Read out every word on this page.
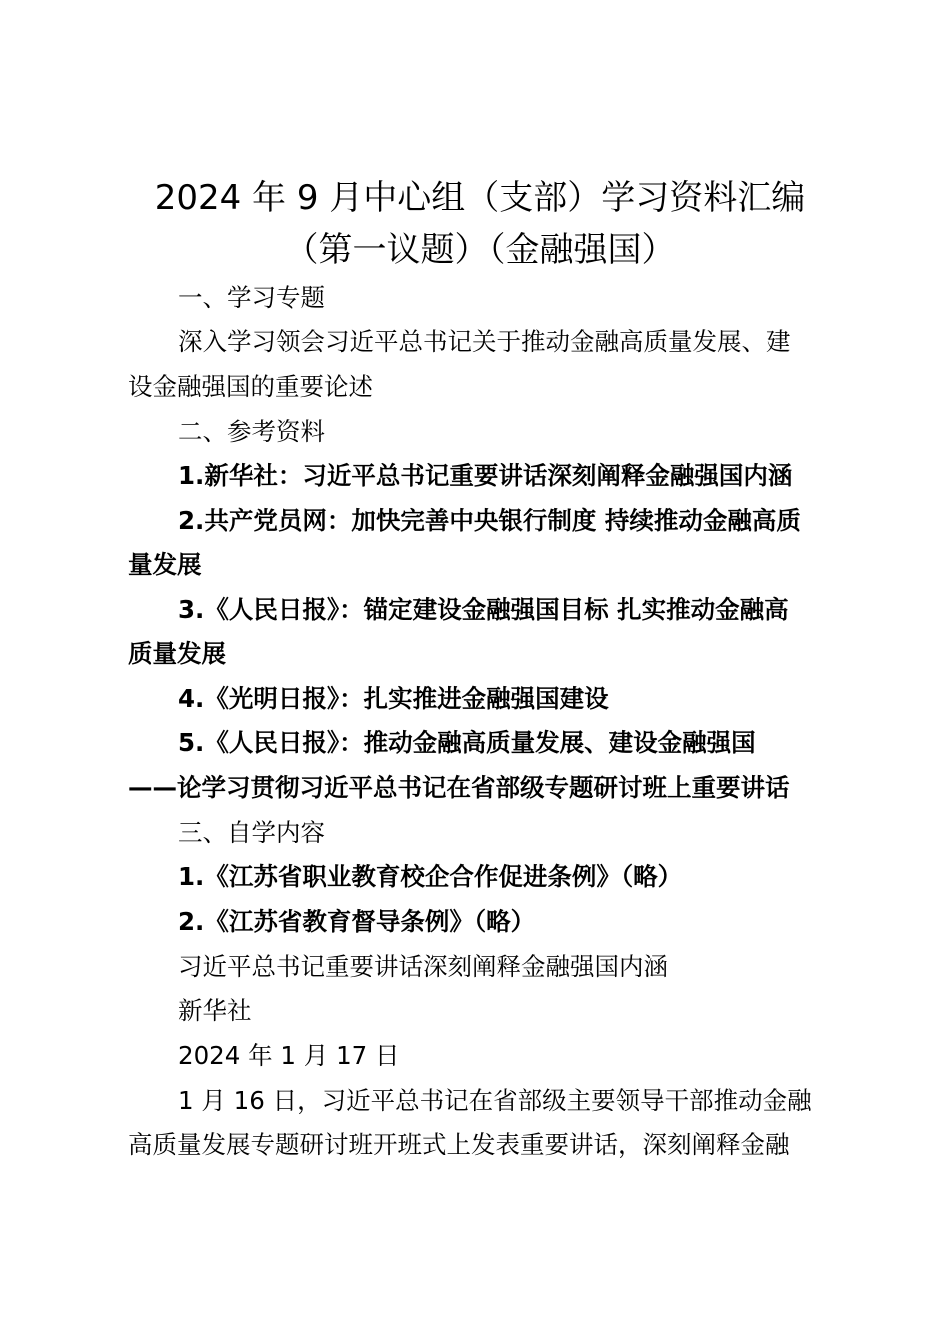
2024 年 9 月中心组（支部）学习资料汇编
（第一议题）（金融强国）
一、学习专题
深入学习领会习近平总书记关于推动金融高质量发展、建
设金融强国的重要论述
二、参考资料
1.新华社：习近平总书记重要讲话深刻阐释金融强国内涵
2.共产党员网：加快完善中央银行制度 持续推动金融高质
量发展
3.《人民日报》：锚定建设金融强国目标 扎实推动金融高
质量发展
4.《光明日报》：扎实推进金融强国建设
5.《人民日报》：推动金融高质量发展、建设金融强国
——论学习贯彻习近平总书记在省部级专题研讨班上重要讲话
三、自学内容
1.《江苏省职业教育校企合作促进条例》（略）
2.《江苏省教育督导条例》（略）
习近平总书记重要讲话深刻阐释金融强国内涵
新华社
2024 年 1 月 17 日
1 月 16 日，习近平总书记在省部级主要领导干部推动金融
高质量发展专题研讨班开班式上发表重要讲话，深刻阐释金融
